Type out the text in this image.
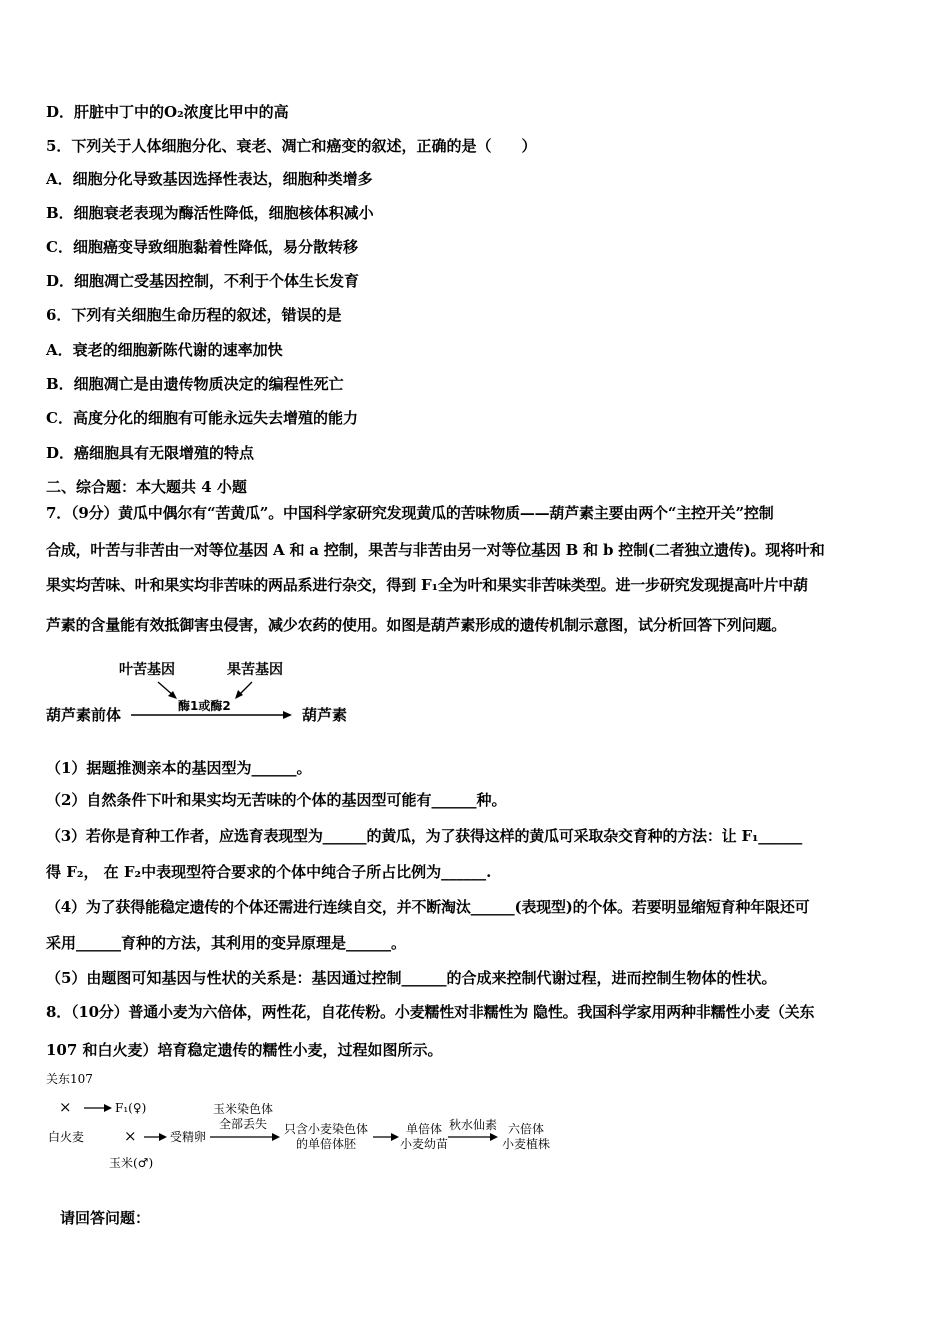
D．肝脏中丁中的O₂浓度比甲中的高
5．下列关于人体细胞分化、衰老、凋亡和癌变的叙述，正确的是（　　）
A．细胞分化导致基因选择性表达，细胞种类增多
B．细胞衰老表现为酶活性降低，细胞核体积减小
C．细胞癌变导致细胞黏着性降低，易分散转移
D．细胞凋亡受基因控制，不利于个体生长发育
6．下列有关细胞生命历程的叙述，错误的是
A．衰老的细胞新陈代谢的速率加快
B．细胞凋亡是由遗传物质决定的编程性死亡
C．高度分化的细胞有可能永远失去增殖的能力
D．癌细胞具有无限增殖的特点
二、综合题：本大题共 4 小题
7．（9分）黄瓜中偶尔有“苦黄瓜”。中国科学家研究发现黄瓜的苦味物质——葫芦素主要由两个“主控开关”控制
合成，叶苦与非苦由一对等位基因 A 和 a 控制，果苦与非苦由另一对等位基因 B 和 b 控制(二者独立遗传)。现将叶和
果实均苦味、叶和果实均非苦味的两品系进行杂交，得到 F₁全为叶和果实非苦味类型。进一步研究发现提高叶片中葫
芦素的含量能有效抵御害虫侵害，减少农药的使用。如图是葫芦素形成的遗传机制示意图，试分析回答下列问题。
叶苦基因	果苦基因
酶1或酶2
葫芦素前体	葫芦素
（1）据题推测亲本的基因型为______。
（2）自然条件下叶和果实均无苦味的个体的基因型可能有______种。
（3）若你是育种工作者，应选育表现型为______的黄瓜，为了获得这样的黄瓜可采取杂交育种的方法：让 F₁______
得 F₂， 在 F₂中表现型符合要求的个体中纯合子所占比例为______.
（4）为了获得能稳定遗传的个体还需进行连续自交，并不断淘汰______(表现型)的个体。若要明显缩短育种年限还可
采用______育种的方法，其利用的变异原理是______。
（5）由题图可知基因与性状的关系是：基因通过控制______的合成来控制代谢过程，进而控制生物体的性状。
8．（10分）普通小麦为六倍体，两性花，自花传粉。小麦糯性对非糯性为 隐性。我国科学家用两种非糯性小麦（关东
107 和白火麦）培育稳定遗传的糯性小麦，过程如图所示。
关东107
×	F₁(♀)
白火麦	×
玉米(♂)
受精卵
玉米染色体
全部丢失	只含小麦染色体
的单倍体胚
单倍体
小麦幼苗
秋水仙素 六倍体
小麦植株
请回答问题：
